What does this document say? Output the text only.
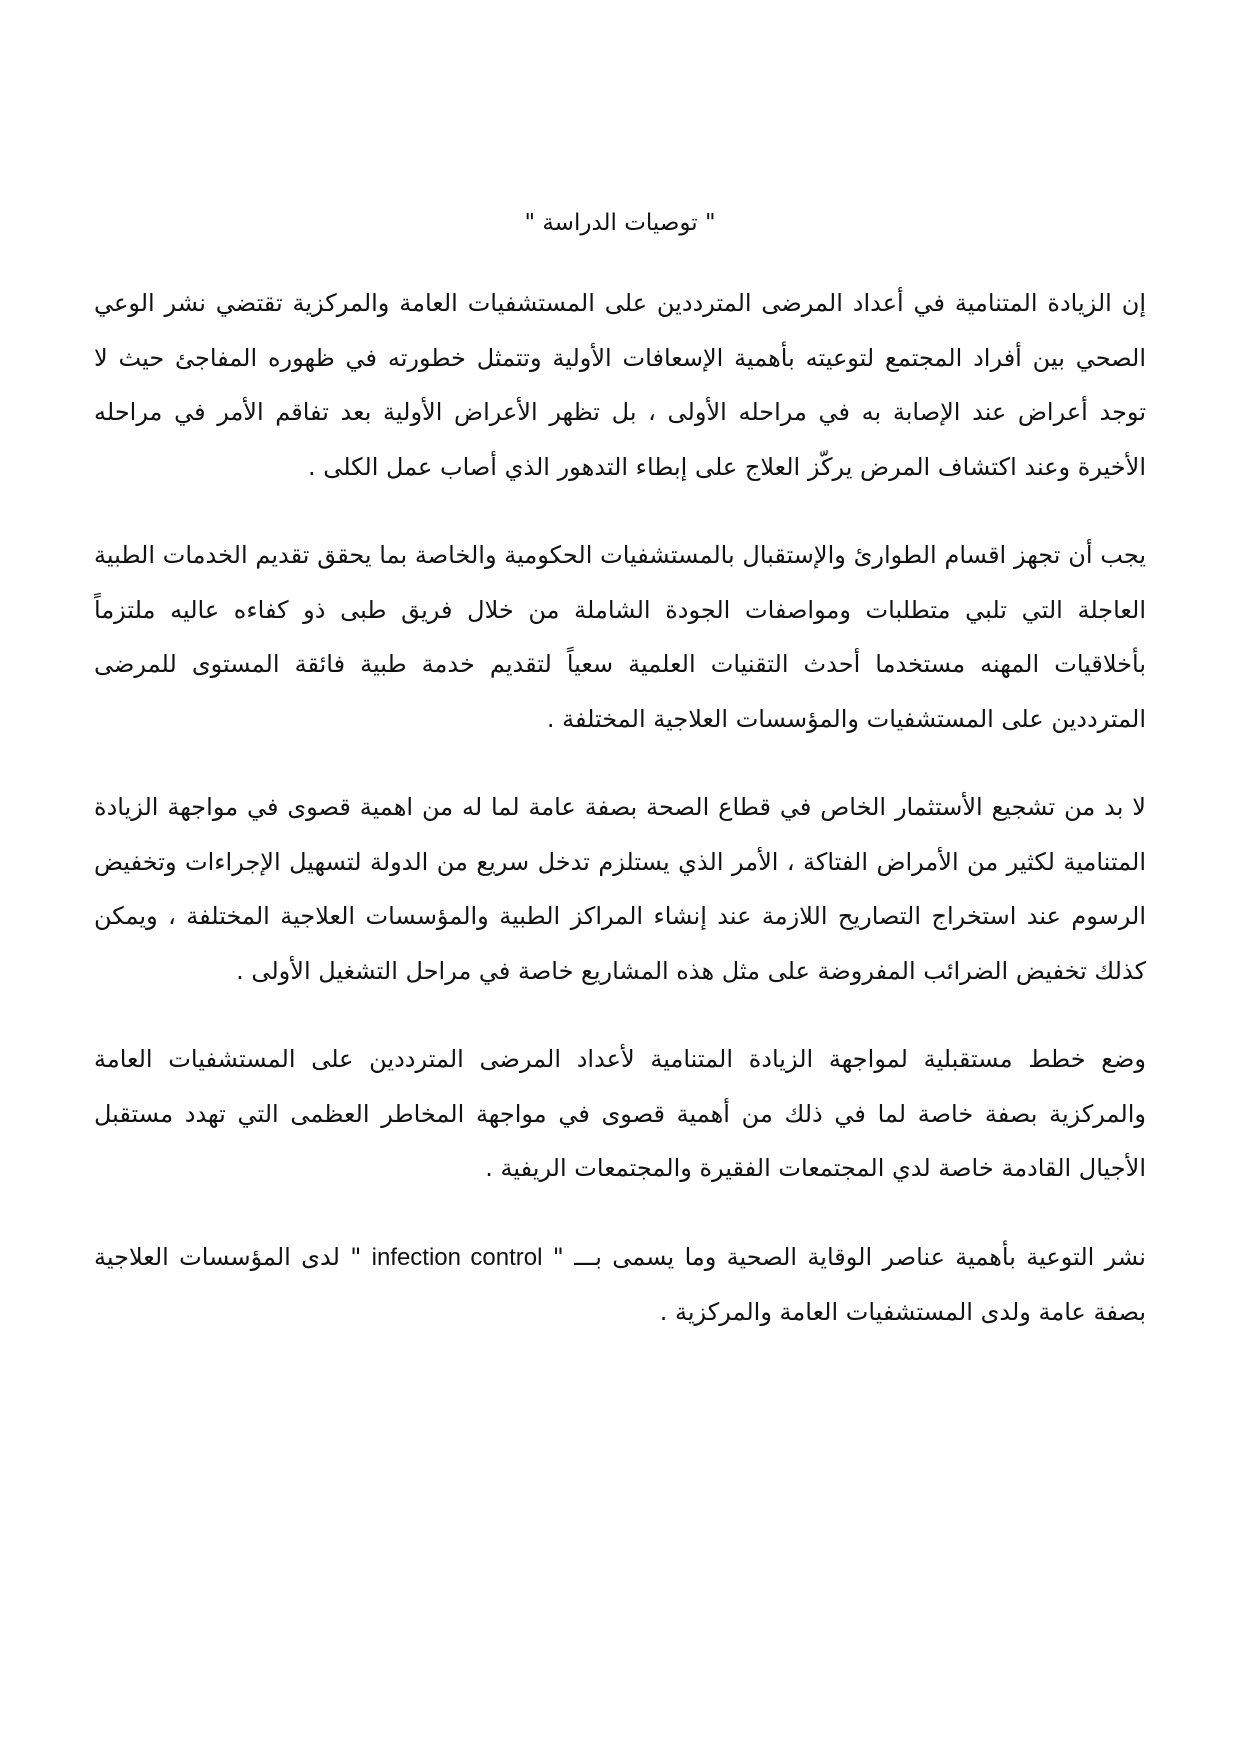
" توصيات الدراسة "

إن الزيادة المتنامية في أعداد المرضى المترددين على المستشفيات العامة والمركزية تقتضي نشر الوعي الصحي بين أفراد المجتمع لتوعيته بأهمية الإسعافات الأولية وتتمثل خطورته في ظهوره المفاجئ حيث لا توجد أعراض عند الإصابة به في مراحله الأولى ، بل تظهر الأعراض الأولية بعد تفاقم الأمر في مراحله الأخيرة وعند اكتشاف المرض يركّز العلاج على إبطاء التدهور الذي أصاب عمل الكلى .

يجب أن تجهز اقسام الطوارئ والإستقبال بالمستشفيات الحكومية والخاصة بما يحقق تقديم الخدمات الطبية العاجلة التي تلبي متطلبات ومواصفات الجودة الشاملة من خلال فريق طبى ذو كفاءه عاليه ملتزماً بأخلاقيات المهنه مستخدما أحدث التقنيات العلمية سعياً لتقديم خدمة طبية فائقة المستوى للمرضى المترددين على المستشفيات والمؤسسات العلاجية المختلفة .

لا بد من تشجيع الأستثمار الخاص في قطاع الصحة بصفة عامة لما له من اهمية قصوى في مواجهة الزيادة المتنامية لكثير من الأمراض الفتاكة ، الأمر الذي يستلزم تدخل سريع من الدولة لتسهيل الإجراءات وتخفيض الرسوم عند استخراج التصاريح اللازمة عند إنشاء المراكز الطبية والمؤسسات العلاجية المختلفة ، ويمكن كذلك تخفيض الضرائب المفروضة على مثل هذه المشاريع خاصة في مراحل التشغيل الأولى .

وضع خطط مستقبلية لمواجهة الزيادة المتنامية لأعداد المرضى المترددين على المستشفيات العامة والمركزية بصفة خاصة لما في ذلك من أهمية قصوى في مواجهة المخاطر العظمى التي تهدد مستقبل الأجيال القادمة خاصة لدي المجتمعات الفقيرة والمجتمعات الريفية .

نشر التوعية بأهمية عناصر الوقاية الصحية وما يسمى بـــ " infection control " لدى المؤسسات العلاجية بصفة عامة ولدى المستشفيات العامة والمركزية .
